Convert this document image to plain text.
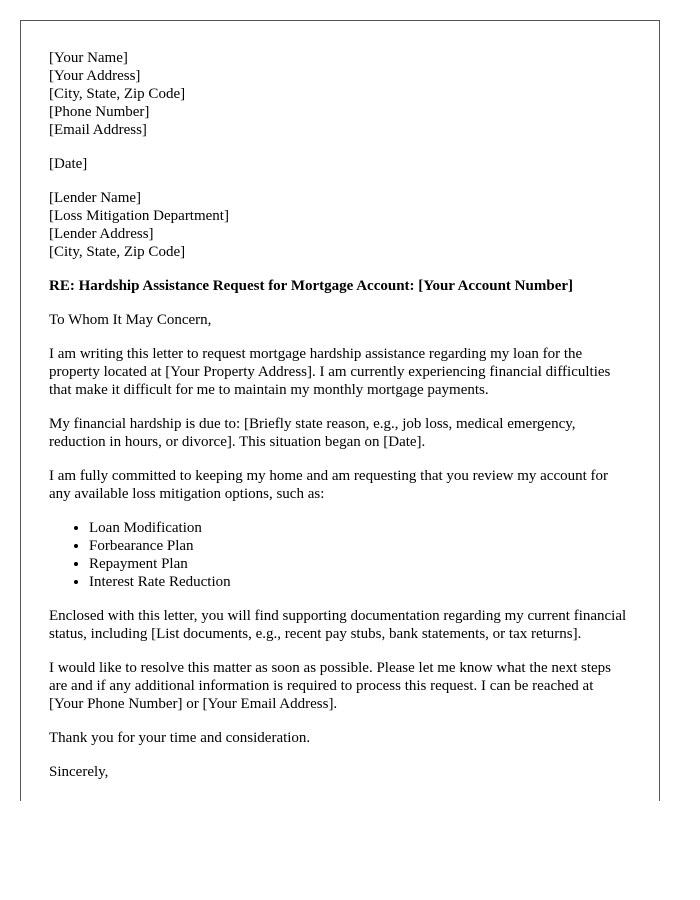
[Your Name]
[Your Address]
[City, State, Zip Code]
[Phone Number]
[Email Address]
[Date]
[Lender Name]
[Loss Mitigation Department]
[Lender Address]
[City, State, Zip Code]
RE: Hardship Assistance Request for Mortgage Account: [Your Account Number]

To Whom It May Concern,

I am writing this letter to request mortgage hardship assistance regarding my loan for the property located at [Your Property Address]. I am currently experiencing financial difficulties that make it difficult for me to maintain my monthly mortgage payments.

My financial hardship is due to: [Briefly state reason, e.g., job loss, medical emergency, reduction in hours, or divorce]. This situation began on [Date].

I am fully committed to keeping my home and am requesting that you review my account for any available loss mitigation options, such as:

• Loan Modification
• Forbearance Plan
• Repayment Plan
• Interest Rate Reduction

Enclosed with this letter, you will find supporting documentation regarding my current financial status, including [List documents, e.g., recent pay stubs, bank statements, or tax returns].

I would like to resolve this matter as soon as possible. Please let me know what the next steps are and if any additional information is required to process this request. I can be reached at [Your Phone Number] or [Your Email Address].

Thank you for your time and consideration.

Sincerely,
